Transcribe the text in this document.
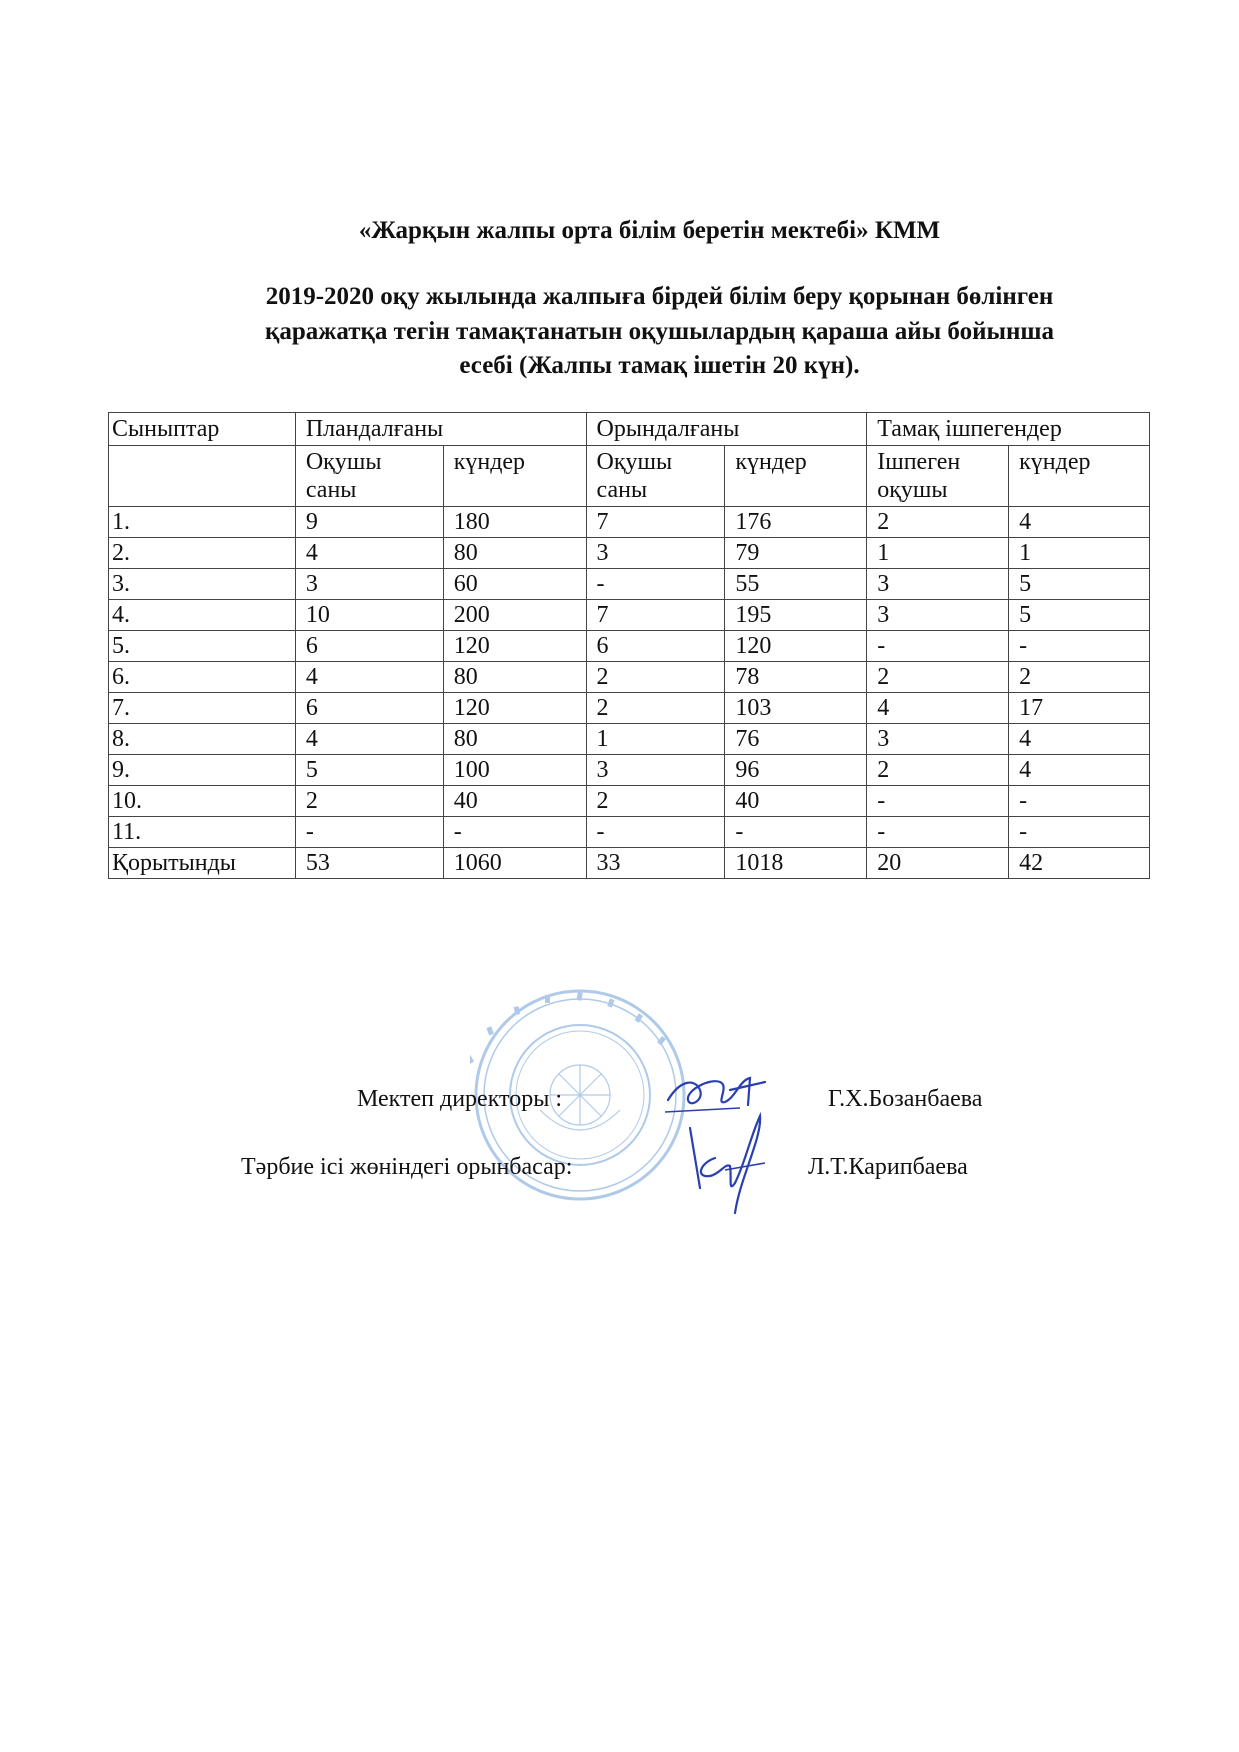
«Жарқын жалпы орта білім беретін мектебі» КММ
2019-2020 оқу жылында жалпыға бірдей білім беру қорынан бөлінген
қаражатқа тегін тамақтанатын оқушылардың қараша айы бойынша
есебі (Жалпы тамақ ішетін 20 күн).
Сыныптар	Пландалғаны		Орындалғаны		Тамақ ішпегендер	
	Оқушы саны	күндер	Оқушы саны	күндер	Ішпеген оқушы	күндер
1.	9	180	7	176	2	4
2.	4	80	3	79	1	1
3.	3	60	-	55	3	5
4.	10	200	7	195	3	5
5.	6	120	6	120	-	-
6.	4	80	2	78	2	2
7.	6	120	2	103	4	17
8.	4	80	1	76	3	4
9.	5	100	3	96	2	4
10.	2	40	2	40	-	-
11.	-	-	-	-	-	-
Қорытынды	53	1060	33	1018	20	42
Мектеп директоры :	Г.Х.Бозанбаева
Тәрбие ісі жөніндегі орынбасар:	Л.Т.Карипбаева
